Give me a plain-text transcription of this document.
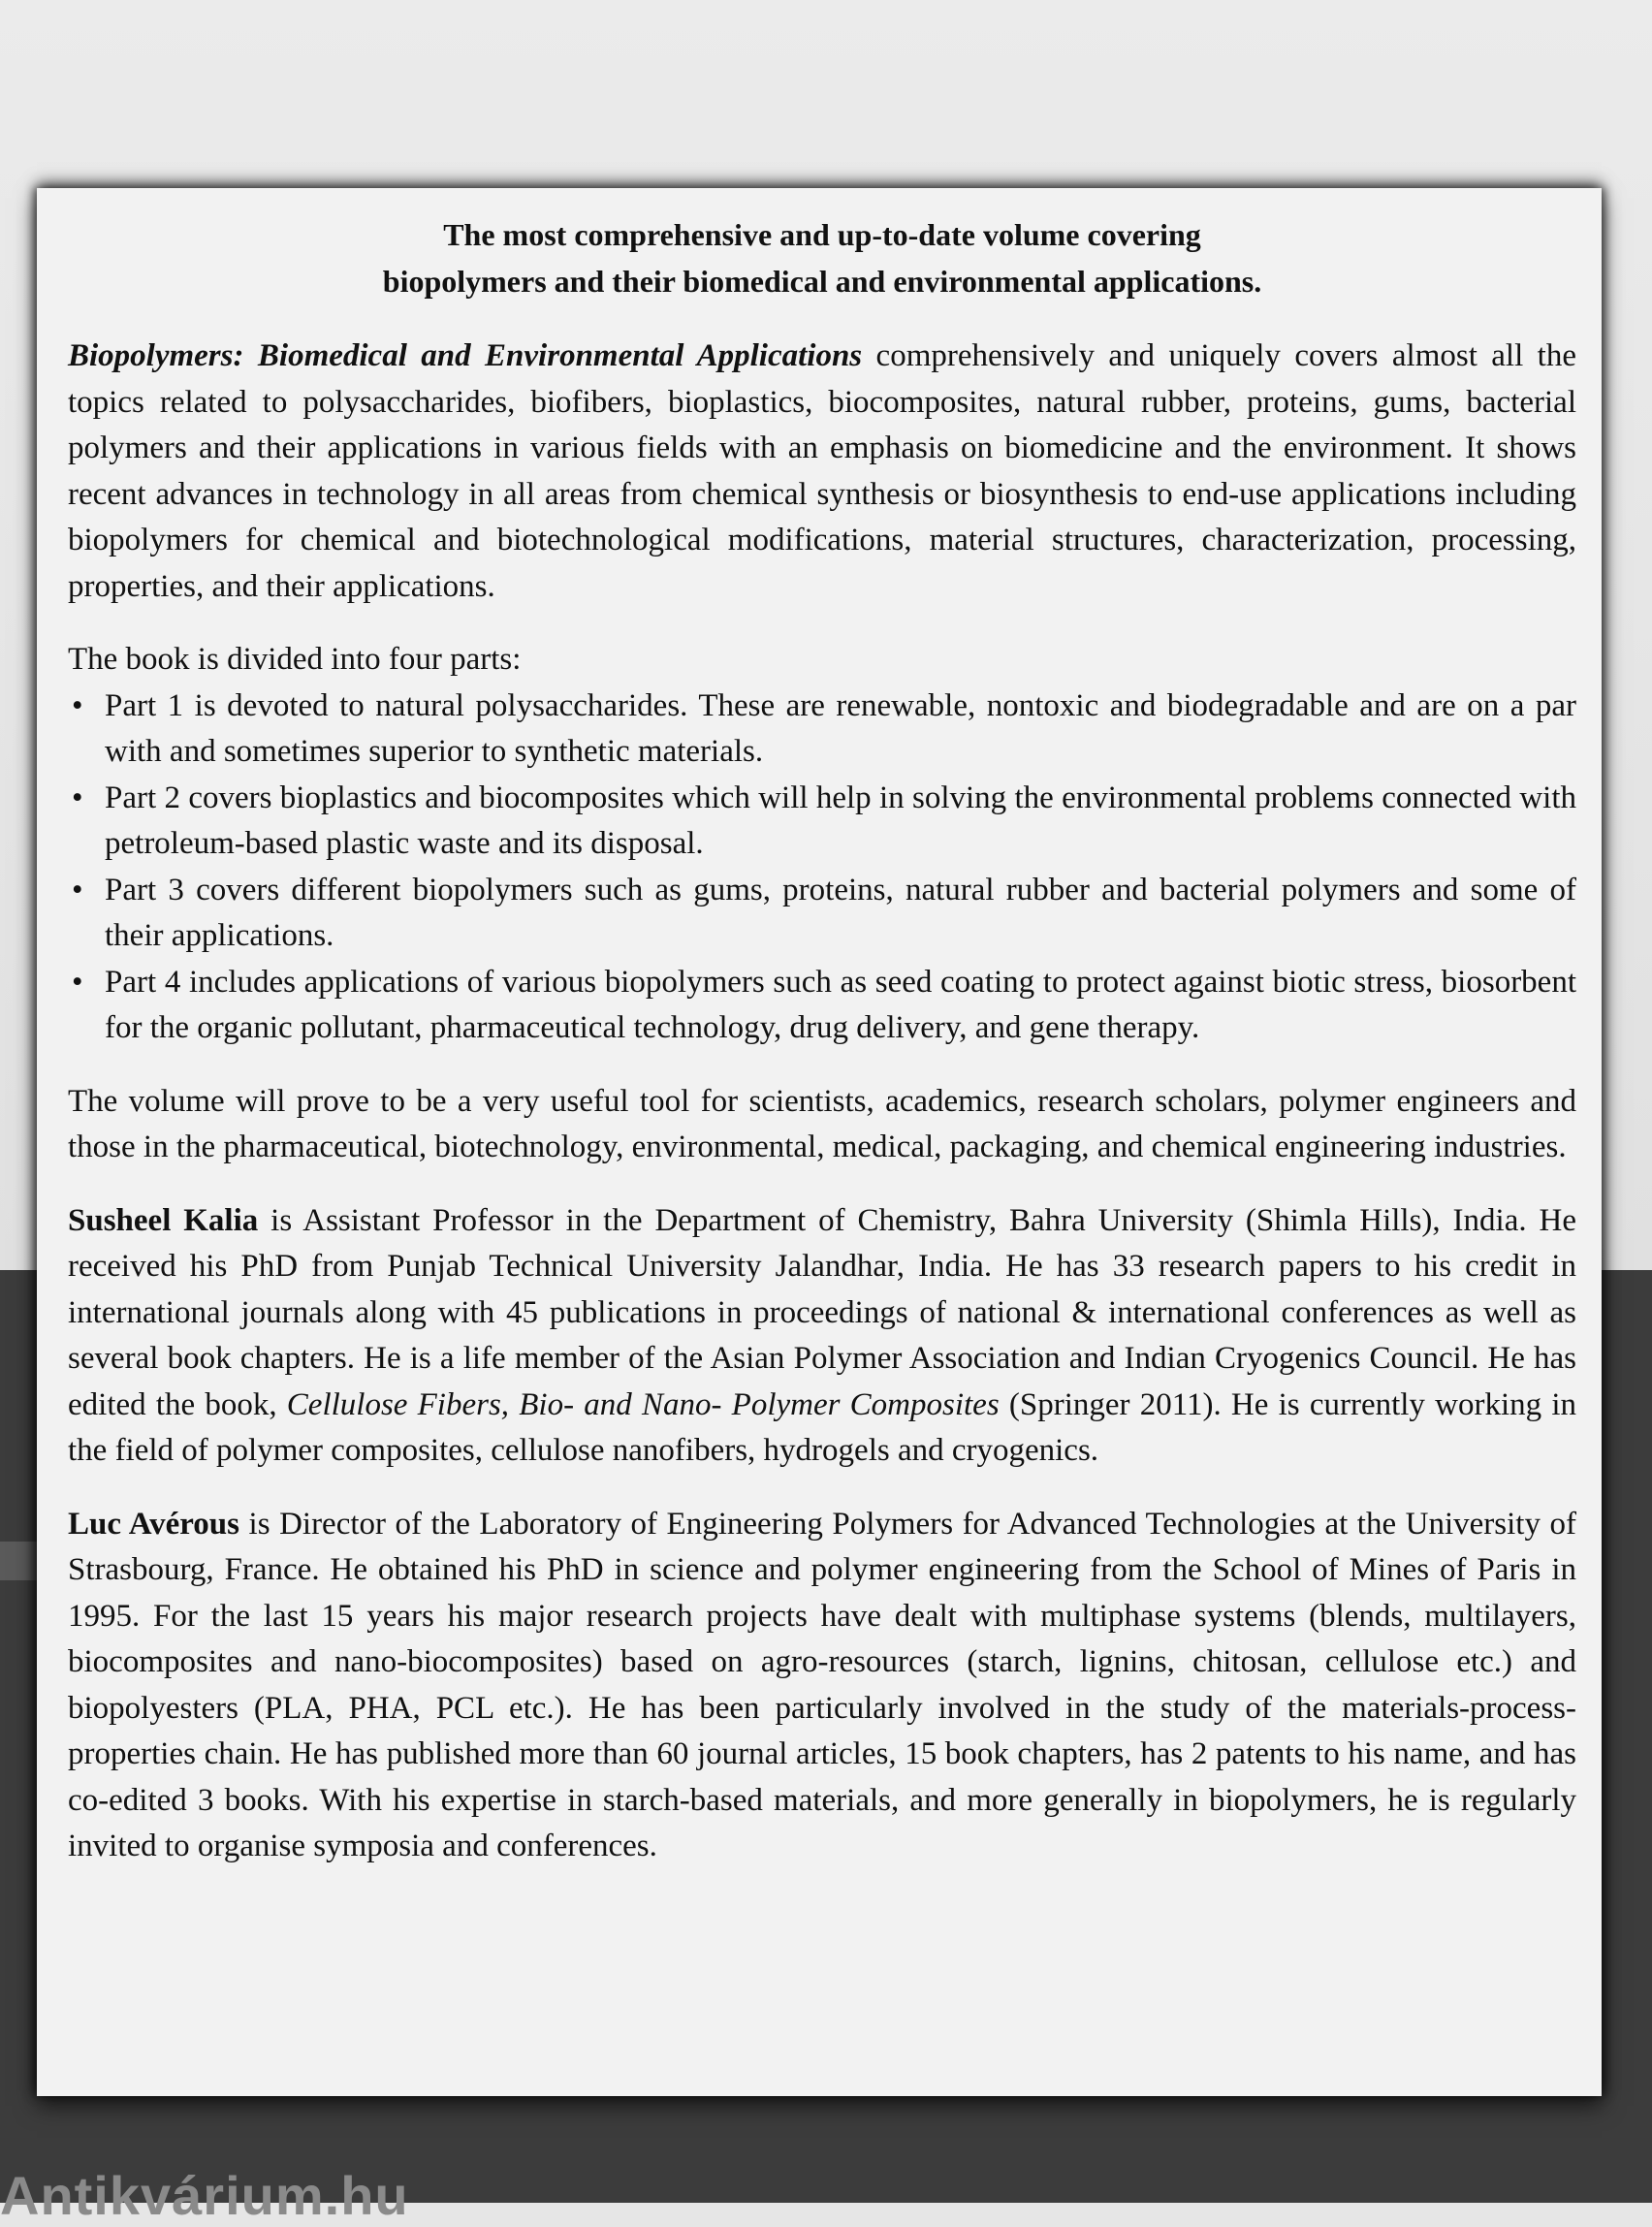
The most comprehensive and up-to-date volume covering
biopolymers and their biomedical and environmental applications.

Biopolymers: Biomedical and Environmental Applications comprehensively and uniquely covers almost all the topics related to polysaccharides, biofibers, bioplastics, biocomposites, natural rubber, proteins, gums, bacterial polymers and their applications in various fields with an emphasis on biomedicine and the environment. It shows recent advances in technology in all areas from chemical synthesis or biosynthesis to end-use applications including biopolymers for chemical and biotechnological modifications, material structures, characterization, processing, properties, and their applications.

The book is divided into four parts:

• Part 1 is devoted to natural polysaccharides. These are renewable, nontoxic and biodegradable and are on a par with and sometimes superior to synthetic materials.
• Part 2 covers bioplastics and biocomposites which will help in solving the environmental problems connected with petroleum-based plastic waste and its disposal.
• Part 3 covers different biopolymers such as gums, proteins, natural rubber and bacterial polymers and some of their applications.
• Part 4 includes applications of various biopolymers such as seed coating to protect against biotic stress, biosorbent for the organic pollutant, pharmaceutical technology, drug delivery, and gene therapy.

The volume will prove to be a very useful tool for scientists, academics, research scholars, polymer engineers and those in the pharmaceutical, biotechnology, environmental, medical, packaging, and chemical engineering industries.

Susheel Kalia is Assistant Professor in the Department of Chemistry, Bahra University (Shimla Hills), India. He received his PhD from Punjab Technical University Jalandhar, India. He has 33 research papers to his credit in international journals along with 45 publications in proceedings of national & international conferences as well as several book chapters. He is a life member of the Asian Polymer Association and Indian Cryogenics Council. He has edited the book, Cellulose Fibers, Bio- and Nano- Polymer Composites (Springer 2011). He is currently working in the field of polymer composites, cellulose nanofibers, hydrogels and cryogenics.

Luc Avérous is Director of the Laboratory of Engineering Polymers for Advanced Technologies at the University of Strasbourg, France. He obtained his PhD in science and polymer engineering from the School of Mines of Paris in 1995. For the last 15 years his major research projects have dealt with multiphase systems (blends, multilayers, biocomposites and nano-biocomposites) based on agro-resources (starch, lignins, chitosan, cellulose etc.) and biopolyesters (PLA, PHA, PCL etc.). He has been particularly involved in the study of the materials-process-properties chain. He has published more than 60 journal articles, 15 book chapters, has 2 patents to his name, and has co-edited 3 books. With his expertise in starch-based materials, and more generally in biopolymers, he is regularly invited to organise symposia and conferences.

Antikvárium.hu
